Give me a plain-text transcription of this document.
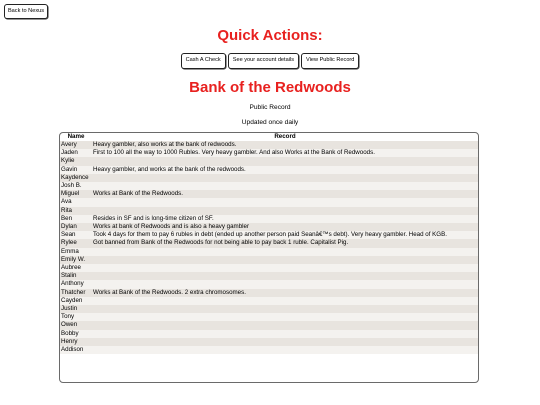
Back to Nexus
Quick Actions:
Cash A Check	See your account details	View Public Record
Bank of the Redwoods

Public Record

Updated once daily

Name	Record
Avery	Heavy gambler, also works at the bank of redwoods.
Jaden	First to 100 all the way to 1000 Rubles. Very heavy gambler. And also Works at the Bank of Redwoods.
Kylie	
Gavin	Heavy gambler, and works at the bank of the redwoods.
Kaydence	
Josh B.	
Miguel	Works at Bank of the Redwoods.
Ava	
Rita	
Ben	Resides in SF and is long-time citizen of SF.
Dylan	Works at bank of Redwoods and is also a heavy gambler
Sean	Took 4 days for them to pay 6 rubles in debt (ended up another person paid Seanâ€™s debt). Very heavy gambler. Head of KGB.
Rylee	Got banned from Bank of the Redwoods for not being able to pay back 1 ruble. Capitalist Pig.
Emma	
Emily W.	
Aubree	
Stalin	
Anthony	
Thatcher	Works at Bank of the Redwoods. 2 extra chromosomes.
Cayden	
Justin	
Tony	
Owen	
Bobby	
Henry	
Addison	
